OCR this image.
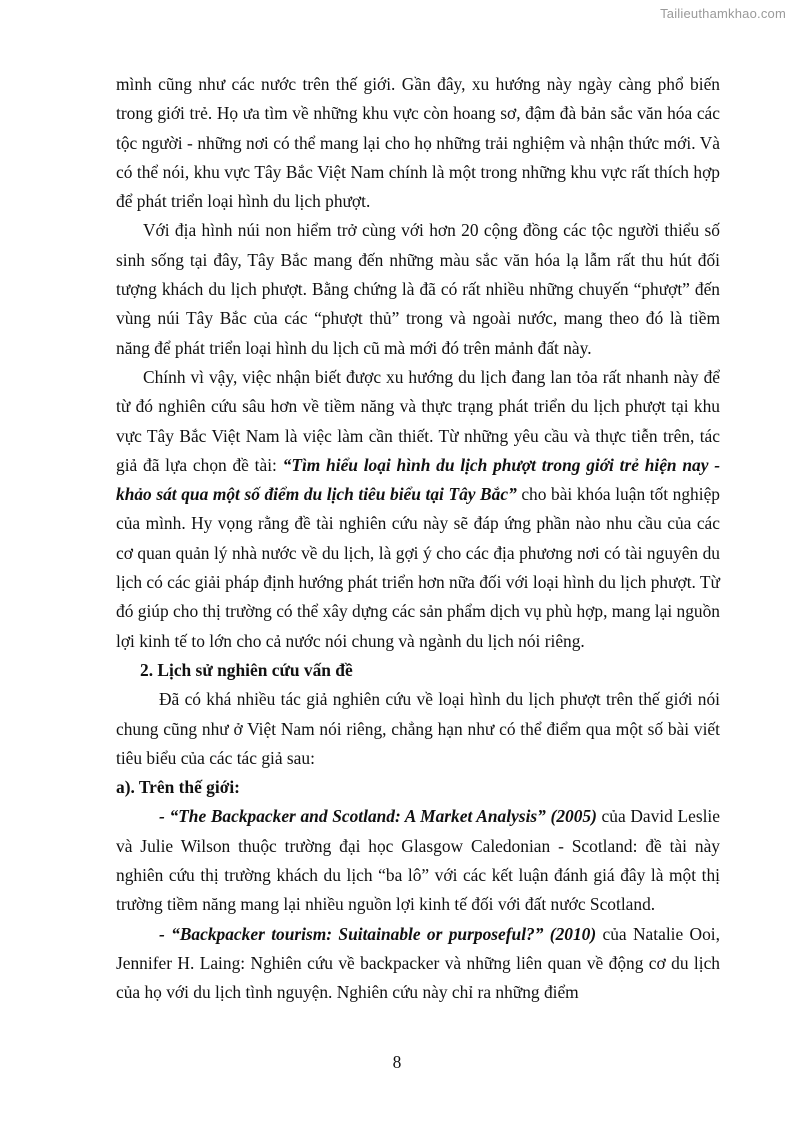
Tailieuthamkhao.com

mình cũng như các nước trên thế giới. Gần đây, xu hướng này ngày càng phổ biến trong giới trẻ. Họ ưa tìm về những khu vực còn hoang sơ, đậm đà bản sắc văn hóa các tộc người - những nơi có thể mang lại cho họ những trải nghiệm và nhận thức mới. Và có thể nói, khu vực Tây Bắc Việt Nam chính là một trong những khu vực rất thích hợp để phát triển loại hình du lịch phượt.

Với địa hình núi non hiểm trở cùng với hơn 20 cộng đồng các tộc người thiểu số sinh sống tại đây, Tây Bắc mang đến những màu sắc văn hóa lạ lẫm rất thu hút đối tượng khách du lịch phượt. Bằng chứng là đã có rất nhiều những chuyến “phượt” đến vùng núi Tây Bắc của các “phượt thủ” trong và ngoài nước, mang theo đó là tiềm năng để phát triển loại hình du lịch cũ mà mới đó trên mảnh đất này.

Chính vì vậy, việc nhận biết được xu hướng du lịch đang lan tỏa rất nhanh này để từ đó nghiên cứu sâu hơn về tiềm năng và thực trạng phát triển du lịch phượt tại khu vực Tây Bắc Việt Nam là việc làm cần thiết. Từ những yêu cầu và thực tiễn trên, tác giả đã lựa chọn đề tài: “Tìm hiểu loại hình du lịch phượt trong giới trẻ hiện nay - khảo sát qua một số điểm du lịch tiêu biểu tại Tây Bắc” cho bài khóa luận tốt nghiệp của mình. Hy vọng rằng đề tài nghiên cứu này sẽ đáp ứng phần nào nhu cầu của các cơ quan quản lý nhà nước về du lịch, là gợi ý cho các địa phương nơi có tài nguyên du lịch có các giải pháp định hướng phát triển hơn nữa đối với loại hình du lịch phượt. Từ đó giúp cho thị trường có thể xây dựng các sản phẩm dịch vụ phù hợp, mang lại nguồn lợi kinh tế to lớn cho cả nước nói chung và ngành du lịch nói riêng.

2. Lịch sử nghiên cứu vấn đề

Đã có khá nhiều tác giả nghiên cứu về loại hình du lịch phượt trên thế giới nói chung cũng như ở Việt Nam nói riêng, chẳng hạn như có thể điểm qua một số bài viết tiêu biểu của các tác giả sau:

a). Trên thế giới:

- “The Backpacker and Scotland: A Market Analysis” (2005) của David Leslie và Julie Wilson thuộc trường đại học Glasgow Caledonian - Scotland: đề tài này nghiên cứu thị trường khách du lịch “ba lô” với các kết luận đánh giá đây là một thị trường tiềm năng mang lại nhiều nguồn lợi kinh tế đối với đất nước Scotland.

- “Backpacker tourism: Suitainable or purposeful?” (2010) của Natalie Ooi, Jennifer H. Laing: Nghiên cứu về backpacker và những liên quan về động cơ du lịch của họ với du lịch tình nguyện. Nghiên cứu này chỉ ra những điểm

8
